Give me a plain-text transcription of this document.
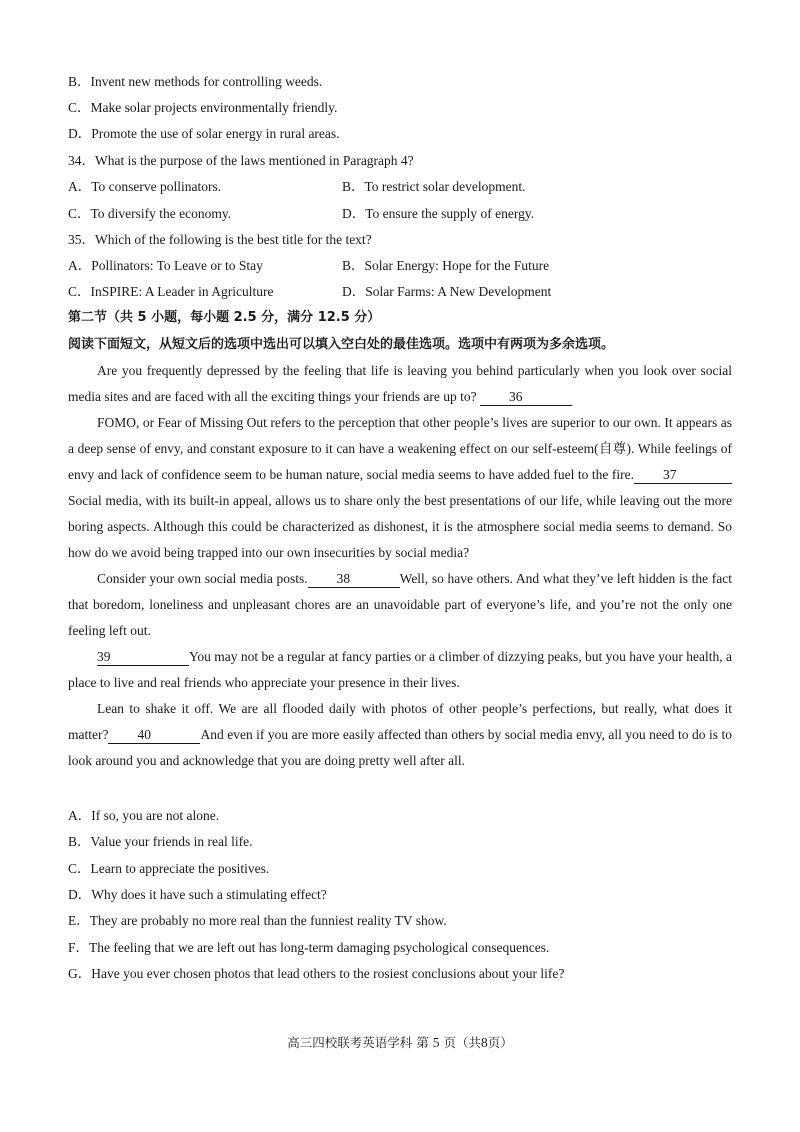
B．Invent new methods for controlling weeds.
C．Make solar projects environmentally friendly.
D．Promote the use of solar energy in rural areas.
34．What is the purpose of the laws mentioned in Paragraph 4?
A．To conserve pollinators.	B．To restrict solar development.
C．To diversify the economy.	D．To ensure the supply of energy.
35．Which of the following is the best title for the text?
A．Pollinators: To Leave or to Stay	B．Solar Energy: Hope for the Future
C．InSPIRE: A Leader in Agriculture	D．Solar Farms: A New Development
第二节（共 5 小题，每小题 2.5 分，满分 12.5 分）
阅读下面短文，从短文后的选项中选出可以填入空白处的最佳选项。选项中有两项为多余选项。

Are you frequently depressed by the feeling that life is leaving you behind particularly when you look over social media sites and are faced with all the exciting things your friends are up to? 36

FOMO, or Fear of Missing Out refers to the perception that other people’s lives are superior to our own. It appears as a deep sense of envy, and constant exposure to it can have a weakening effect on our self-esteem(自尊). While feelings of envy and lack of confidence seem to be human nature, social media seems to have added fuel to the fire. 37Social media, with its built-in appeal, allows us to share only the best presentations of our life, while leaving out the more boring aspects. Although this could be characterized as dishonest, it is the atmosphere social media seems to demand. So how do we avoid being trapped into our own insecurities by social media?

Consider your own social media posts. 38	Well, so have others. And what they’ve left hidden is the fact that boredom, loneliness and unpleasant chores are an unavoidable part of everyone’s life, and you’re not the only one feeling left out.

39	You may not be a regular at fancy parties or a climber of dizzying peaks, but you have your health, a place to live and real friends who appreciate your presence in their lives.

Lean to shake it off. We are all flooded daily with photos of other people’s perfections, but really, what does it matter? 40	And even if you are more easily affected than others by social media envy, all you need to do is to look around you and acknowledge that you are doing pretty well after all.

A．If so, you are not alone.
B．Value your friends in real life.
C．Learn to appreciate the positives.
D．Why does it have such a stimulating effect?
E．They are probably no more real than the funniest reality TV show.
F．The feeling that we are left out has long-term damaging psychological consequences.
G．Have you ever chosen photos that lead others to the rosiest conclusions about your life?
高三四校联考英语学科 第 5 页（共8页）
